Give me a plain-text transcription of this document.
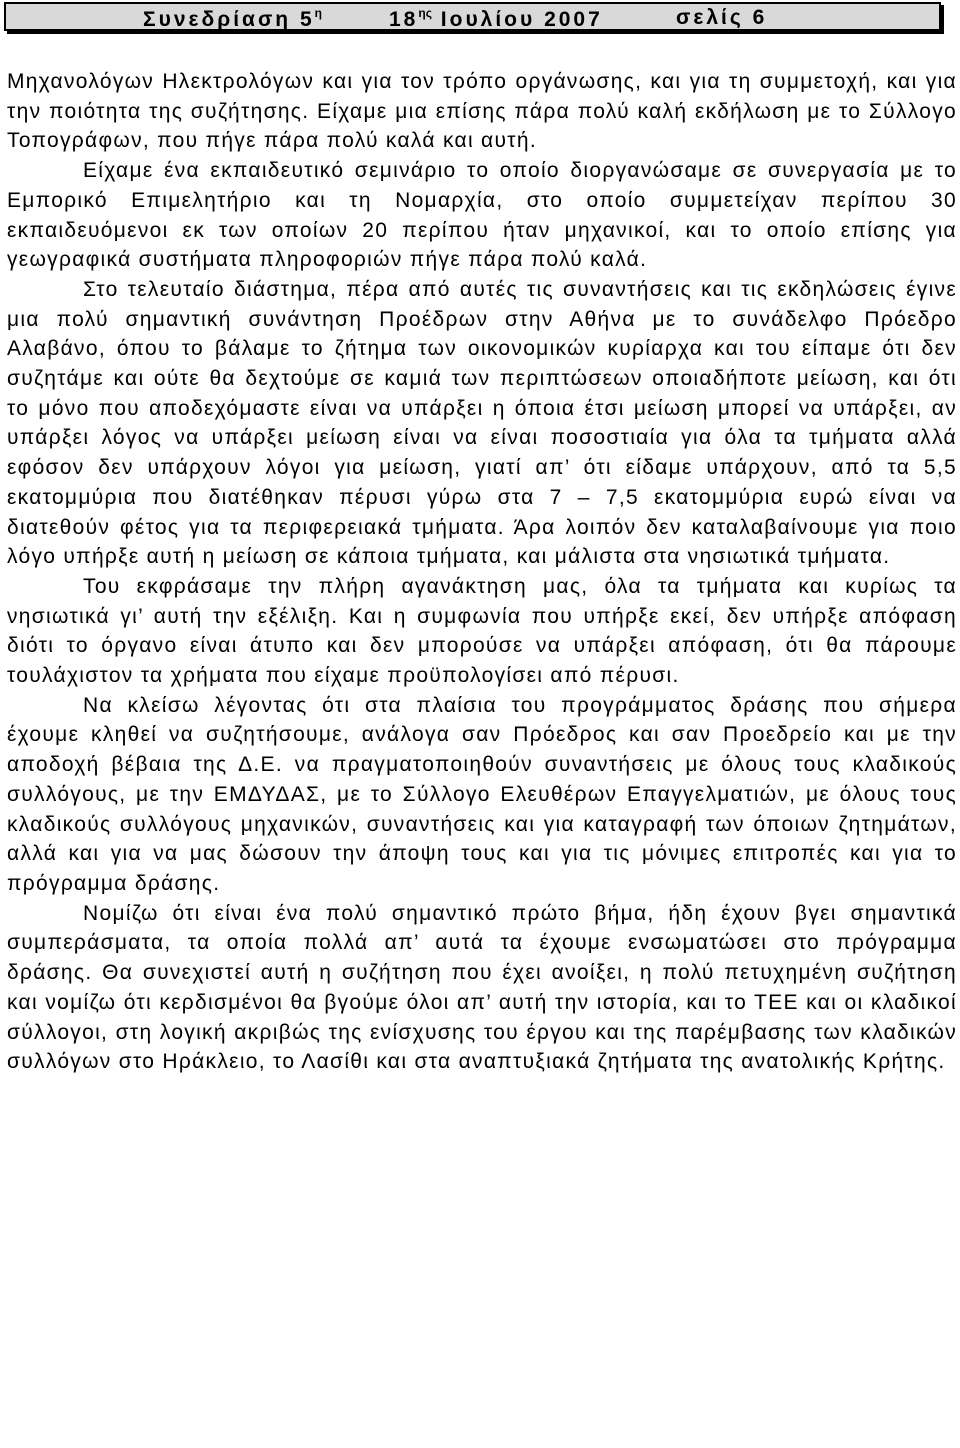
Συνεδρίαση $5^\eta$	$18^{\eta\varsigma}$ Ιουλίου 2007	σελίς 6

Μηχανολόγων Ηλεκτρολόγων και για τον τρόπο οργάνωσης, και για τη συμμετοχή, και για την ποιότητα της συζήτησης. Είχαμε μια επίσης πάρα πολύ καλή εκδήλωση με το Σύλλογο Τοπογράφων, που πήγε πάρα πολύ καλά και αυτή.

Είχαμε ένα εκπαιδευτικό σεμινάριο το οποίο διοργανώσαμε σε συνεργασία με το Εμπορικό Επιμελητήριο και τη Νομαρχία, στο οποίο συμμετείχαν περίπου 30 εκπαιδευόμενοι εκ των οποίων 20 περίπου ήταν μηχανικοί, και το οποίο επίσης για γεωγραφικά συστήματα πληροφοριών πήγε πάρα πολύ καλά.

Στο τελευταίο διάστημα, πέρα από αυτές τις συναντήσεις και τις εκδηλώσεις έγινε μια πολύ σημαντική συνάντηση Προέδρων στην Αθήνα με το συνάδελφο Πρόεδρο Αλαβάνο, όπου το βάλαμε το ζήτημα των οικονομικών κυρίαρχα και του είπαμε ότι δεν συζητάμε και ούτε θα δεχτούμε σε καμιά των περιπτώσεων οποιαδήποτε μείωση, και ότι το μόνο που αποδεχόμαστε είναι να υπάρξει η όποια έτσι μείωση μπορεί να υπάρξει, αν υπάρξει λόγος να υπάρξει μείωση είναι να είναι ποσοστιαία για όλα τα τμήματα αλλά εφόσον δεν υπάρχουν λόγοι για μείωση, γιατί απ’ ότι είδαμε υπάρχουν, από τα 5,5 εκατομμύρια που διατέθηκαν πέρυσι γύρω στα 7 – 7,5 εκατομμύρια ευρώ είναι να διατεθούν φέτος για τα περιφερειακά τμήματα. Άρα λοιπόν δεν καταλαβαίνουμε για ποιο λόγο υπήρξε αυτή η μείωση σε κάποια τμήματα, και μάλιστα στα νησιωτικά τμήματα.

Του εκφράσαμε την πλήρη αγανάκτηση μας, όλα τα τμήματα και κυρίως τα νησιωτικά γι’ αυτή την εξέλιξη. Και η συμφωνία που υπήρξε εκεί, δεν υπήρξε απόφαση διότι το όργανο είναι άτυπο και δεν μπορούσε να υπάρξει απόφαση, ότι θα πάρουμε τουλάχιστον τα χρήματα που είχαμε προϋπολογίσει από πέρυσι.

Να κλείσω λέγοντας ότι στα πλαίσια του προγράμματος δράσης που σήμερα έχουμε κληθεί να συζητήσουμε, ανάλογα σαν Πρόεδρος και σαν Προεδρείο και με την αποδοχή βέβαια της Δ.Ε. να πραγματοποιηθούν συναντήσεις με όλους τους κλαδικούς συλλόγους, με την ΕΜΔΥΔΑΣ, με το Σύλλογο Ελευθέρων Επαγγελματιών, με όλους τους κλαδικούς συλλόγους μηχανικών, συναντήσεις και για καταγραφή των όποιων ζητημάτων, αλλά και για να μας δώσουν την άποψη τους και για τις μόνιμες επιτροπές και για το πρόγραμμα δράσης.

Νομίζω ότι είναι ένα πολύ σημαντικό πρώτο βήμα, ήδη έχουν βγει σημαντικά συμπεράσματα, τα οποία πολλά απ’ αυτά τα έχουμε ενσωματώσει στο πρόγραμμα δράσης. Θα συνεχιστεί αυτή η συζήτηση που έχει ανοίξει, η πολύ πετυχημένη συζήτηση και νομίζω ότι κερδισμένοι θα βγούμε όλοι απ’ αυτή την ιστορία, και το ΤΕΕ και οι κλαδικοί σύλλογοι, στη λογική ακριβώς της ενίσχυσης του έργου και της παρέμβασης των κλαδικών συλλόγων στο Ηράκλειο, το Λασίθι και στα αναπτυξιακά ζητήματα της ανατολικής Κρήτης.
